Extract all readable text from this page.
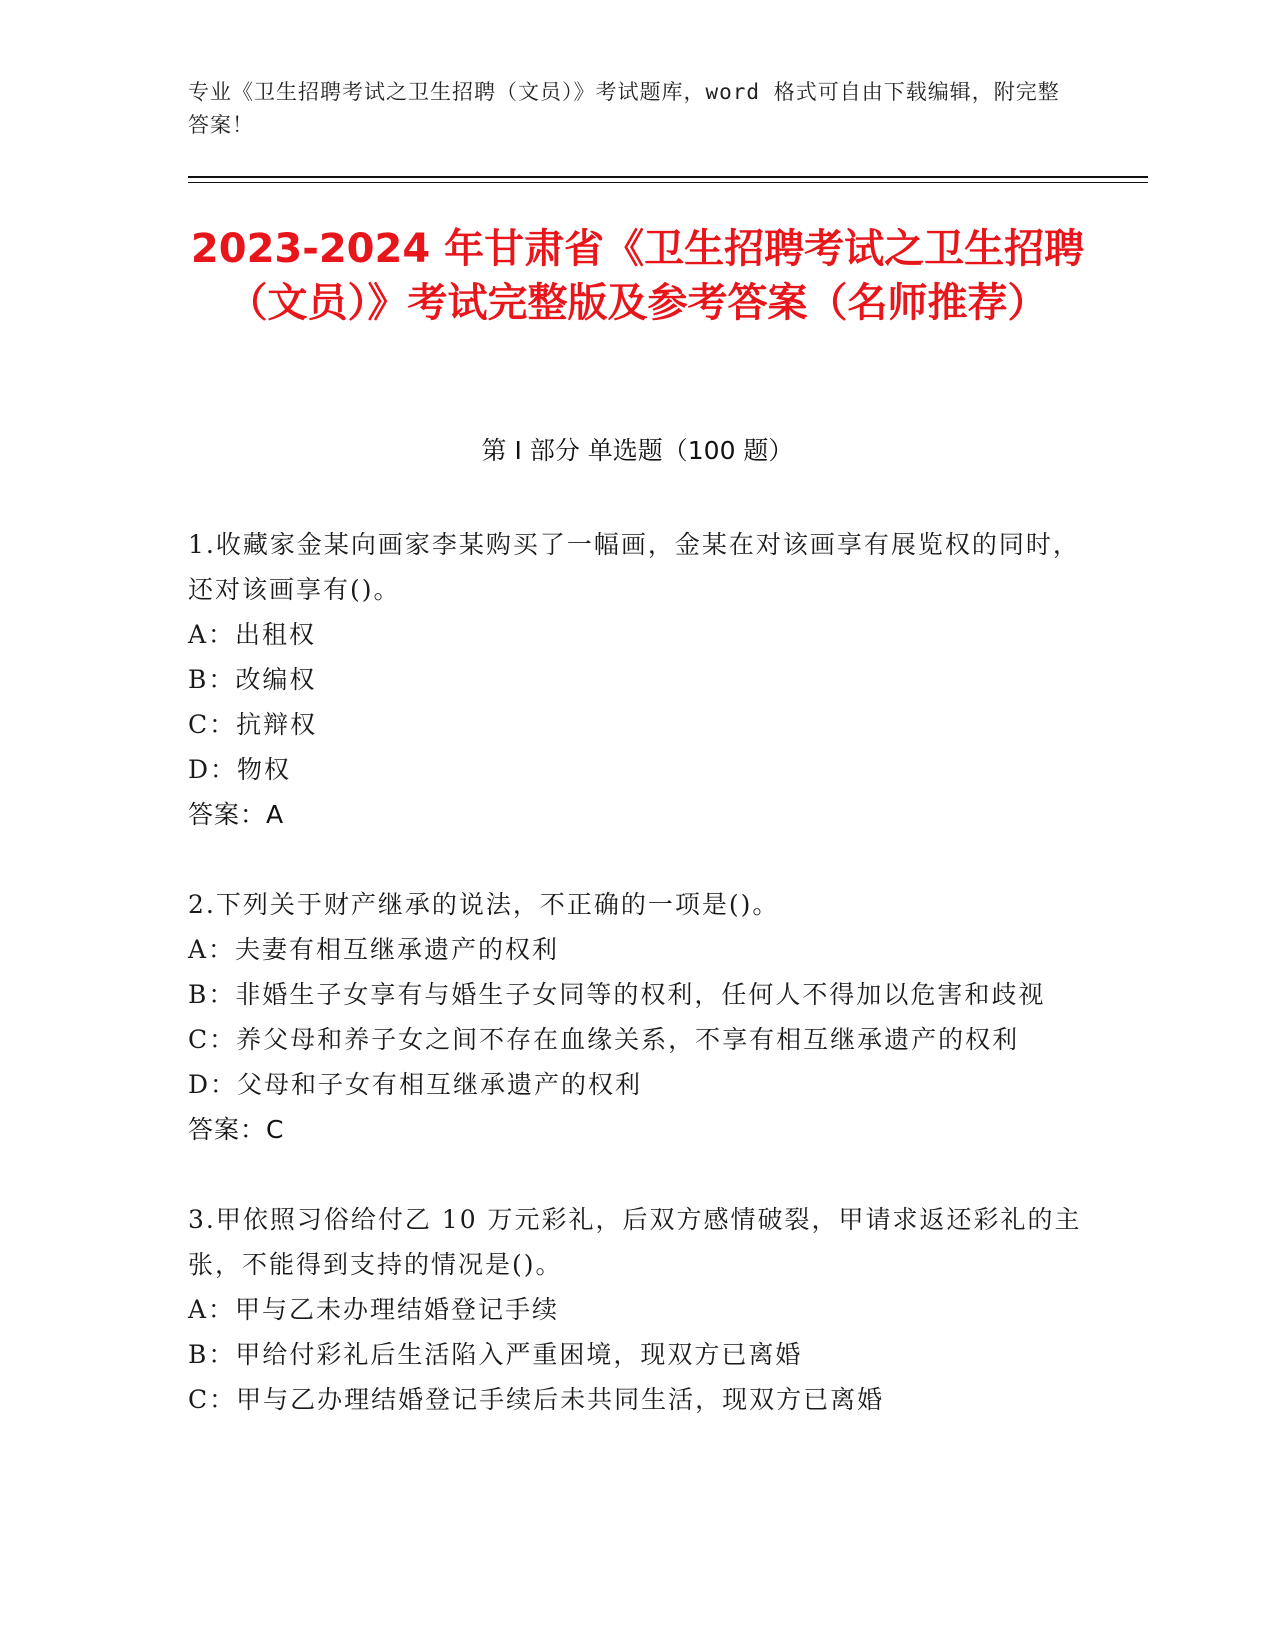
专业《卫生招聘考试之卫生招聘（文员）》考试题库，word 格式可自由下载编辑，附完整答案！
2023-2024 年甘肃省《卫生招聘考试之卫生招聘（文员）》考试完整版及参考答案（名师推荐）
第 I 部分 单选题（100 题）
1.收藏家金某向画家李某购买了一幅画，金某在对该画享有展览权的同时，还对该画享有()。
A：出租权
B：改编权
C：抗辩权
D：物权
答案：A
2.下列关于财产继承的说法，不正确的一项是()。
A：夫妻有相互继承遗产的权利
B：非婚生子女享有与婚生子女同等的权利，任何人不得加以危害和歧视
C：养父母和养子女之间不存在血缘关系，不享有相互继承遗产的权利
D：父母和子女有相互继承遗产的权利
答案：C
3.甲依照习俗给付乙 10 万元彩礼，后双方感情破裂，甲请求返还彩礼的主张，不能得到支持的情况是()。
A：甲与乙未办理结婚登记手续
B：甲给付彩礼后生活陷入严重困境，现双方已离婚
C：甲与乙办理结婚登记手续后未共同生活，现双方已离婚
